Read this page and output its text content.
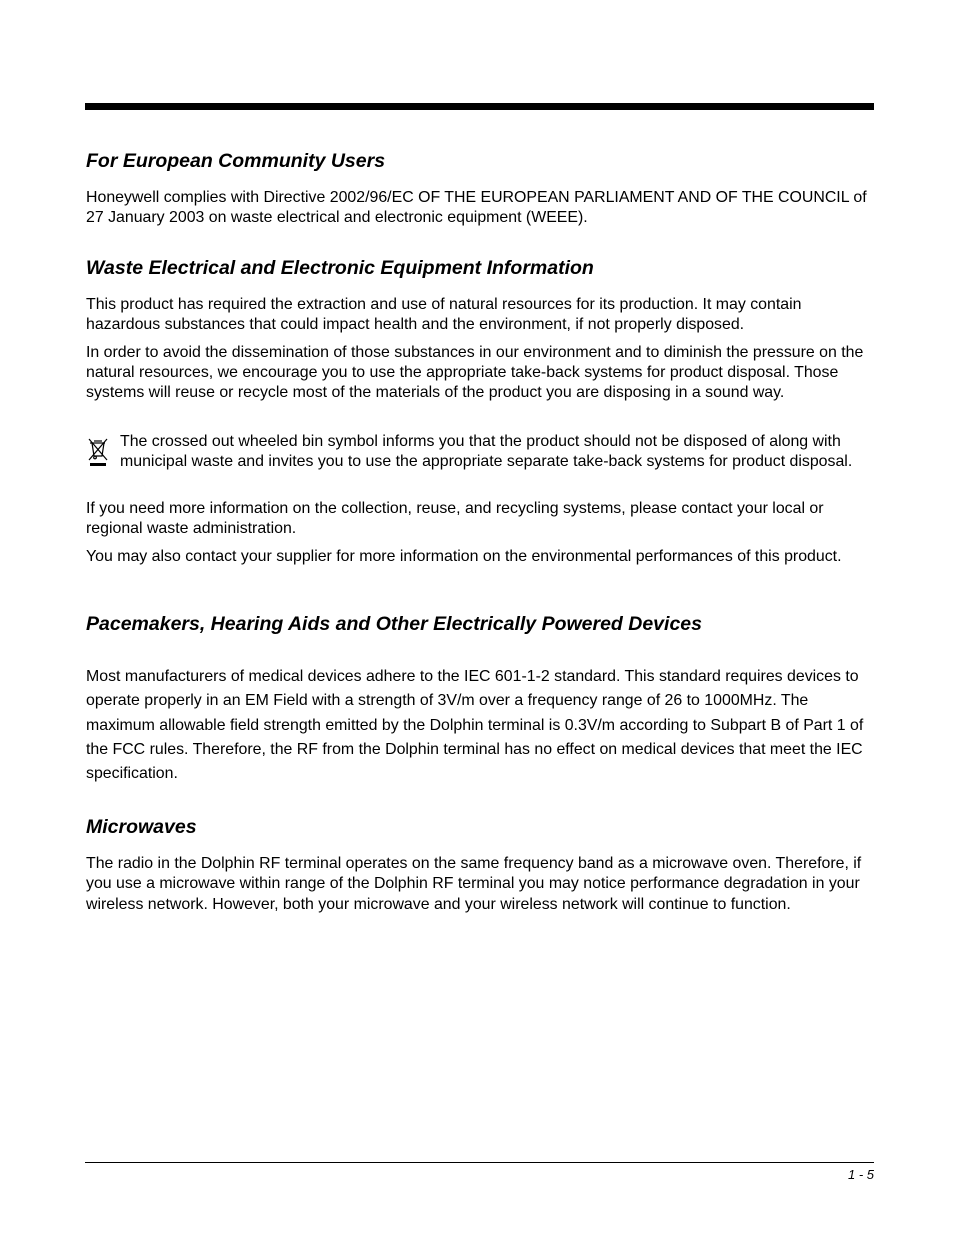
For European Community Users

Honeywell complies with Directive 2002/96/EC OF THE EUROPEAN PARLIAMENT AND OF THE COUNCIL of 27 January 2003 on waste electrical and electronic equipment (WEEE).

Waste Electrical and Electronic Equipment Information

This product has required the extraction and use of natural resources for its production. It may contain hazardous substances that could impact health and the environment, if not properly disposed.

In order to avoid the dissemination of those substances in our environment and to diminish the pressure on the natural resources, we encourage you to use the appropriate take-back systems for product disposal. Those systems will reuse or recycle most of the materials of the product you are disposing in a sound way.

The crossed out wheeled bin symbol informs you that the product should not be disposed of along with municipal waste and invites you to use the appropriate separate take-back systems for product disposal.

If you need more information on the collection, reuse, and recycling systems, please contact your local or regional waste administration.

You may also contact your supplier for more information on the environmental performances of this product.

Pacemakers, Hearing Aids and Other Electrically Powered Devices

Most manufacturers of medical devices adhere to the IEC 601-1-2 standard. This standard requires devices to operate properly in an EM Field with a strength of 3V/m over a frequency range of 26 to 1000MHz. The maximum allowable field strength emitted by the Dolphin terminal is 0.3V/m according to Subpart B of Part 1 of the FCC rules. Therefore, the RF from the Dolphin terminal has no effect on medical devices that meet the IEC specification.

Microwaves

The radio in the Dolphin RF terminal operates on the same frequency band as a microwave oven. Therefore, if you use a microwave within range of the Dolphin RF terminal you may notice performance degradation in your wireless network. However, both your microwave and your wireless network will continue to function.

1 - 5
